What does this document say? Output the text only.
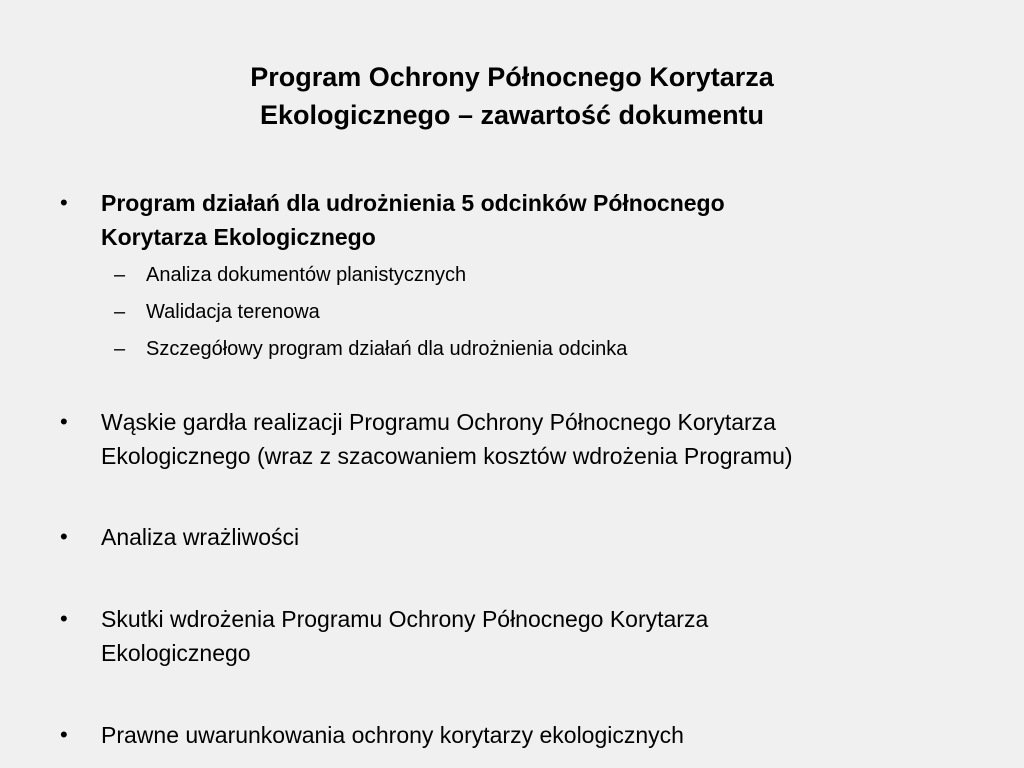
Program Ochrony Północnego Korytarza
Ekologicznego – zawartość dokumentu
• Program działań dla udrożnienia 5 odcinków Północnego
Korytarza Ekologicznego
– Analiza dokumentów planistycznych
– Walidacja terenowa
– Szczegółowy program działań dla udrożnienia odcinka
• Wąskie gardła realizacji Programu Ochrony Północnego Korytarza
Ekologicznego (wraz z szacowaniem kosztów wdrożenia Programu)
• Analiza wrażliwości
• Skutki wdrożenia Programu Ochrony Północnego Korytarza
Ekologicznego
• Prawne uwarunkowania ochrony korytarzy ekologicznych
